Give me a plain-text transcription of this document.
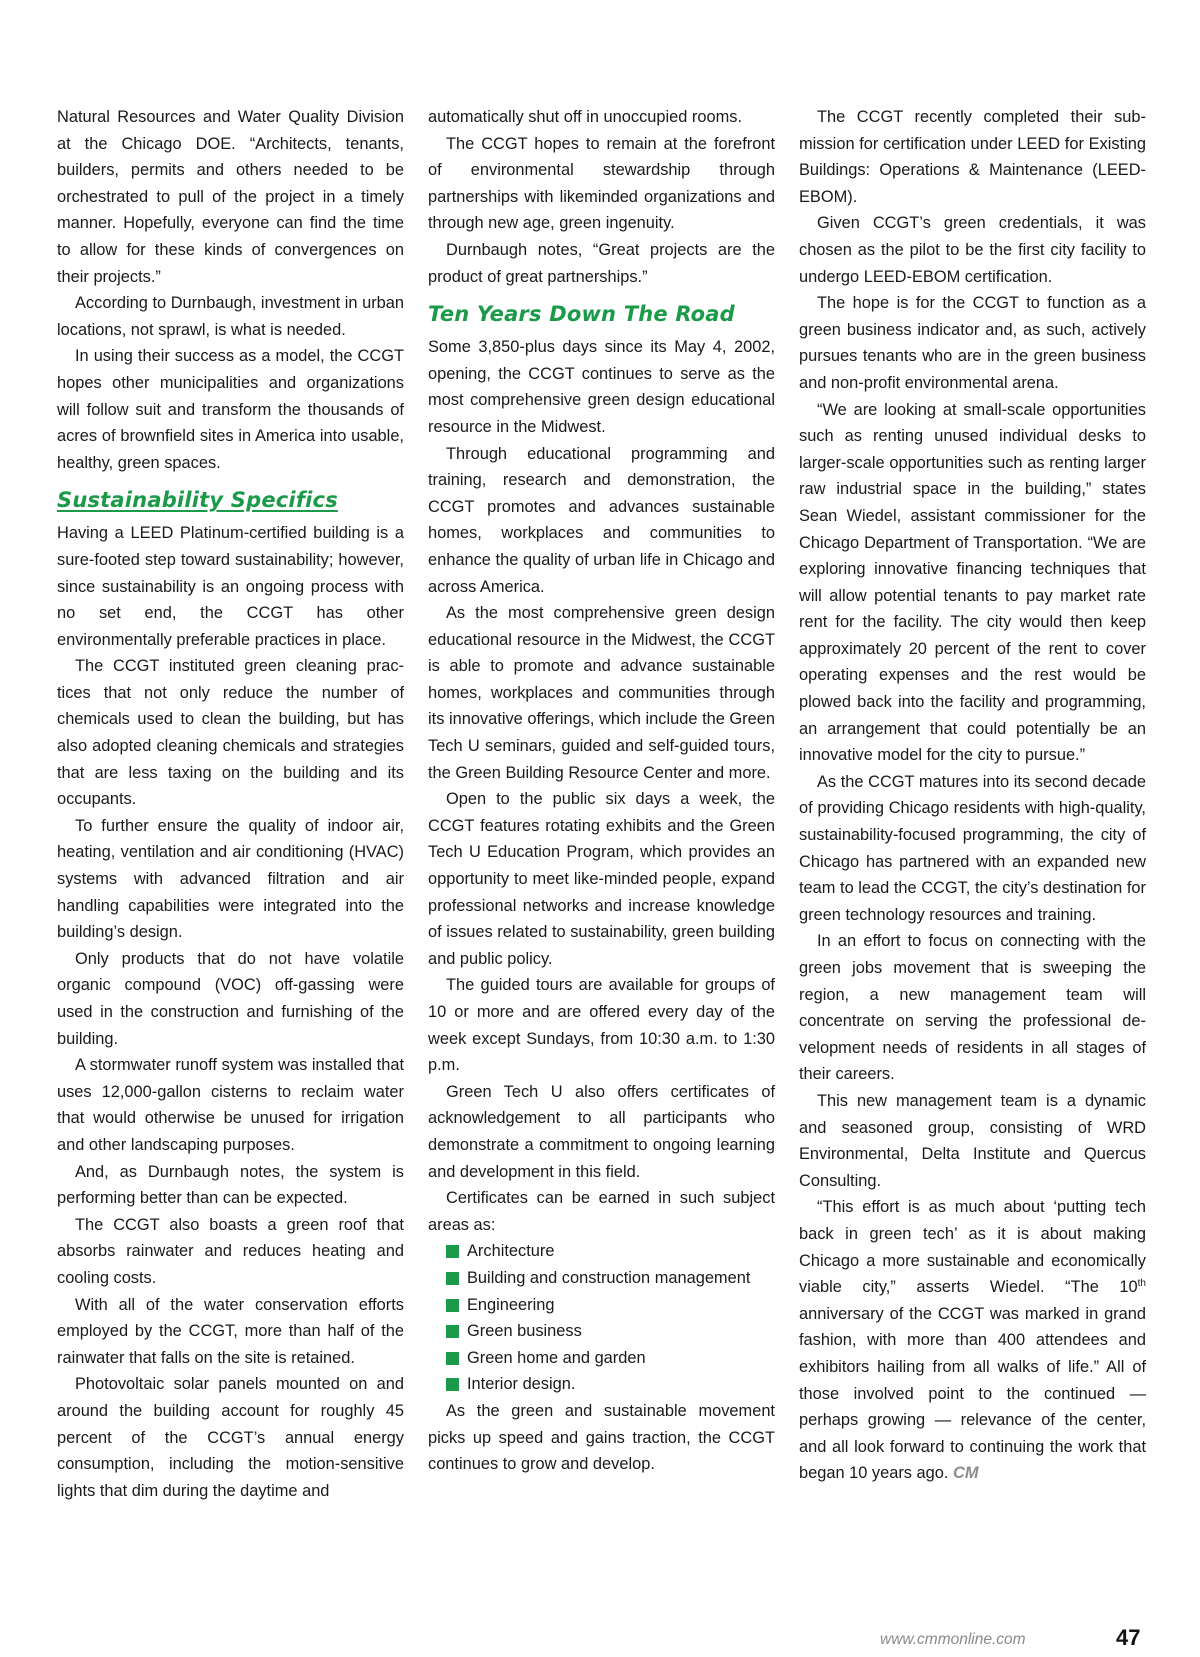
Natural Resources and Water Quality Division at the Chicago DOE. “Architects, tenants, builders, permits and others needed to be orchestrated to pull of the project in a timely manner. Hopefully, everyone can find the time to allow for these kinds of convergences on their projects.”

According to Durnbaugh, investment in urban locations, not sprawl, is what is needed.

In using their success as a model, the CCGT hopes other municipalities and organizations will follow suit and transform the thousands of acres of brownfield sites in America into usable, healthy, green spaces.

Sustainability Specifics

Having a LEED Platinum-certified building is a sure-footed step toward sustainability; however, since sustainability is an ongoing process with no set end, the CCGT has other environmentally preferable practices in place.

The CCGT instituted green cleaning practices that not only reduce the number of chemicals used to clean the building, but has also adopted cleaning chemicals and strategies that are less taxing on the building and its occupants.

To further ensure the quality of indoor air, heating, ventilation and air conditioning (HVAC) systems with advanced filtration and air handling capabilities were integrated into the building’s design.

Only products that do not have volatile organic compound (VOC) off-gassing were used in the construction and furnishing of the building.

A stormwater runoff system was installed that uses 12,000-gallon cisterns to reclaim water that would otherwise be unused for irrigation and other landscaping purposes.

And, as Durnbaugh notes, the system is performing better than can be expected.

The CCGT also boasts a green roof that absorbs rainwater and reduces heating and cooling costs.

With all of the water conservation efforts employed by the CCGT, more than half of the rainwater that falls on the site is retained.

Photovoltaic solar panels mounted on and around the building account for roughly 45 percent of the CCGT’s annual energy consumption, including the motion-sensitive lights that dim during the daytime and

automatically shut off in unoccupied rooms.

The CCGT hopes to remain at the forefront of environmental stewardship through partnerships with likeminded organizations and through new age, green ingenuity.

Durnbaugh notes, “Great projects are the product of great partnerships.”

Ten Years Down The Road

Some 3,850-plus days since its May 4, 2002, opening, the CCGT continues to serve as the most comprehensive green design educational resource in the Midwest.

Through educational programming and training, research and demonstration, the CCGT promotes and advances sustainable homes, workplaces and communities to enhance the quality of urban life in Chicago and across America.

As the most comprehensive green design educational resource in the Midwest, the CCGT is able to promote and advance sustainable homes, workplaces and communities through its innovative offerings, which include the Green Tech U seminars, guided and self-guided tours, the Green Building Resource Center and more.

Open to the public six days a week, the CCGT features rotating exhibits and the Green Tech U Education Program, which provides an opportunity to meet like-minded people, expand professional networks and increase knowledge of issues related to sustainability, green building and public policy.

The guided tours are available for groups of 10 or more and are offered every day of the week except Sundays, from 10:30 a.m. to 1:30 p.m.

Green Tech U also offers certificates of acknowledgement to all participants who demonstrate a commitment to ongoing learning and development in this field.

Certificates can be earned in such subject areas as:

Architecture
Building and construction management
Engineering
Green business
Green home and garden
Interior design.

As the green and sustainable movement picks up speed and gains traction, the CCGT continues to grow and develop.

The CCGT recently completed their submission for certification under LEED for Existing Buildings: Operations & Maintenance (LEED-EBOM).

Given CCGT’s green credentials, it was chosen as the pilot to be the first city facility to undergo LEED-EBOM certification.

The hope is for the CCGT to function as a green business indicator and, as such, actively pursues tenants who are in the green business and non-profit environmental arena.

“We are looking at small-scale opportunities such as renting unused individual desks to larger-scale opportunities such as renting larger raw industrial space in the building,” states Sean Wiedel, assistant commissioner for the Chicago Department of Transportation. “We are exploring innovative financing techniques that will allow potential tenants to pay market rate rent for the facility. The city would then keep approximately 20 percent of the rent to cover operating expenses and the rest would be plowed back into the facility and programming, an arrangement that could potentially be an innovative model for the city to pursue.”

As the CCGT matures into its second decade of providing Chicago residents with high-quality, sustainability-focused programming, the city of Chicago has partnered with an expanded new team to lead the CCGT, the city’s destination for green technology resources and training.

In an effort to focus on connecting with the green jobs movement that is sweeping the region, a new management team will concentrate on serving the professional development needs of residents in all stages of their careers.

This new management team is a dynamic and seasoned group, consisting of WRD Environmental, Delta Institute and Quercus Consulting.

“This effort is as much about ‘putting tech back in green tech’ as it is about making Chicago a more sustainable and economically viable city,” asserts Wiedel. “The 10th anniversary of the CCGT was marked in grand fashion, with more than 400 attendees and exhibitors hailing from all walks of life.” All of those involved point to the continued — perhaps growing — relevance of the center, and all look forward to continuing the work that began 10 years ago. CM

www.cmmonline.com	47
